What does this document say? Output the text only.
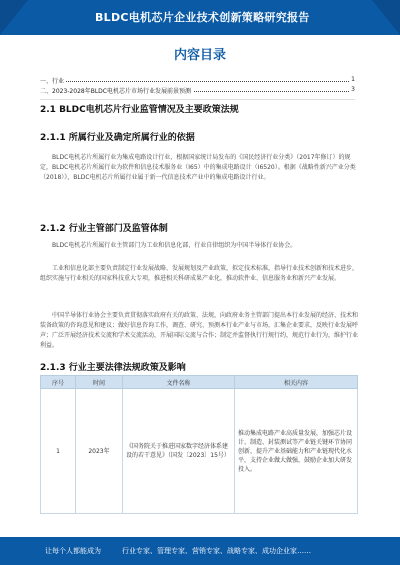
BLDC电机芯片企业技术创新策略研究报告
内容目录
一、行业	1
二、2023-2028年BLDC电机芯片市场行业发展前景预测	3
2.1 BLDC电机芯片行业监管情况及主要政策法规
2.1.1 所属行业及确定所属行业的依据
BLDC电机芯片所属行业为集成电路设计行业，根据国家统计局发布的《国民经济行业分类》（2017年修订）的规定，BLDC电机芯片所属行业为软件和信息技术服务业（I65）中的集成电路设计（I6520）。根据《战略性新兴产业分类（2018）》，BLDC电机芯片所属行业属于新一代信息技术产业中的集成电路设计行业。
2.1.2 行业主管部门及监管体制
BLDC电机芯片所属行业主管部门为工业和信息化部，行业自律组织为中国半导体行业协会。
工业和信息化部主要负责制定行业发展战略、发展规划及产业政策，拟定技术标准，指导行业技术创新和技术进步，组织实施与行业相关的国家科技重大专项，推进相关科研成果产业化，推动软件业、信息服务业和新兴产业发展。
中国半导体行业协会主要负责贯彻落实政府有关的政策、法规，向政府业务主管部门提出本行业发展的经济、技术和装备政策的咨询意见和建议；做好信息咨询工作，调查、研究、预测本行业产业与市场，汇集企业要求，反映行业发展呼声；广泛开展经济技术交流和学术交流活动，开展国际交流与合作；制定并监督执行行规行约，规范行业行为，维护行业利益。
2.1.3 行业主要法律法规政策及影响
序号	时间	文件名称	相关内容
1	2023年	《国务院关于推进国家数字经济体系建设的若干意见》（国发〔2023〕15号）	推动集成电路产业高质量发展，加强芯片设计、制造、封装测试等产业链关键环节协同创新，提升产业基础能力和产业链现代化水平，支持企业做大做强，鼓励企业加大研发投入。
让每个人都能成为	行业专家、管理专家、营销专家、战略专家、成功企业家……
